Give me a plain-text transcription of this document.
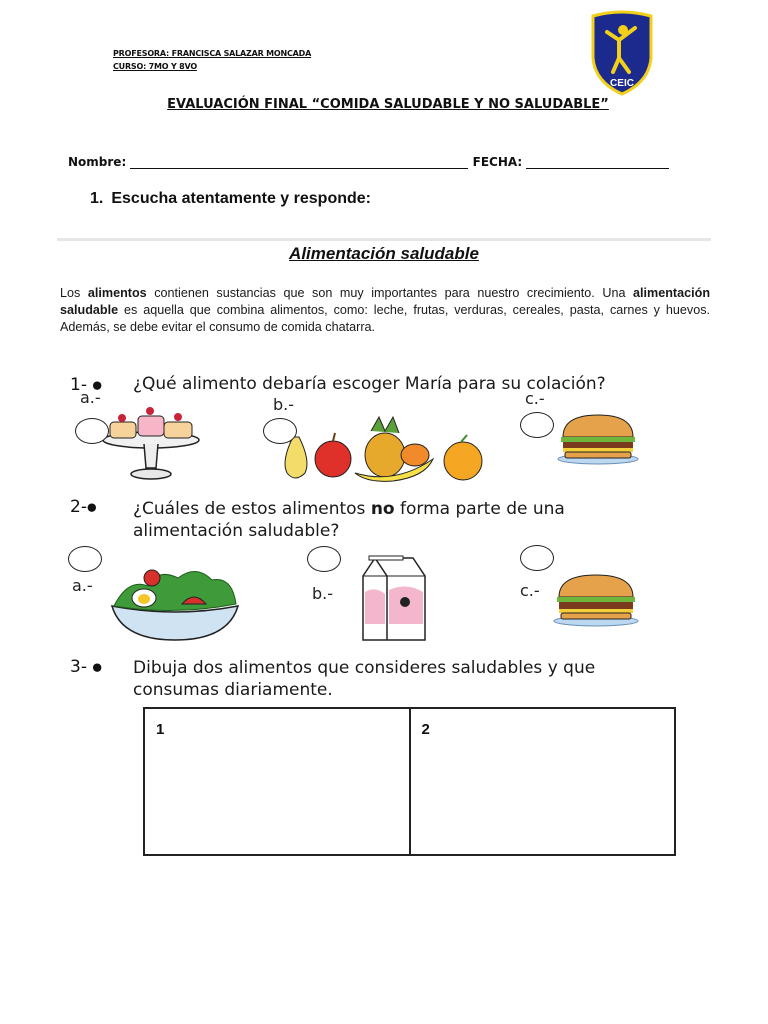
PROFESORA: FRANCISCA SALAZAR MONCADA
CURSO: 7MO Y 8VO
CEIC
EVALUACIÓN FINAL “COMIDA SALUDABLE Y NO SALUDABLE”
Nombre:	FECHA:
1. Escucha atentamente y responde:
Alimentación saludable
Los alimentos contienen sustancias que son muy importantes para nuestro crecimiento. Una alimentación saludable es aquella que combina alimentos, como: leche, frutas, verduras, cereales, pasta, carnes y huevos. Además, se debe evitar el consumo de comida chatarra.
1- ● ¿Qué alimento debaría escoger María para su colación?
a.-	b.-	c.-
2-● ¿Cuáles de estos alimentos no forma parte de una
alimentación saludable?
a.-	b.-	c.-
3- ● Dibuja dos alimentos que consideres saludables y que
consumas diariamente.
1	2
